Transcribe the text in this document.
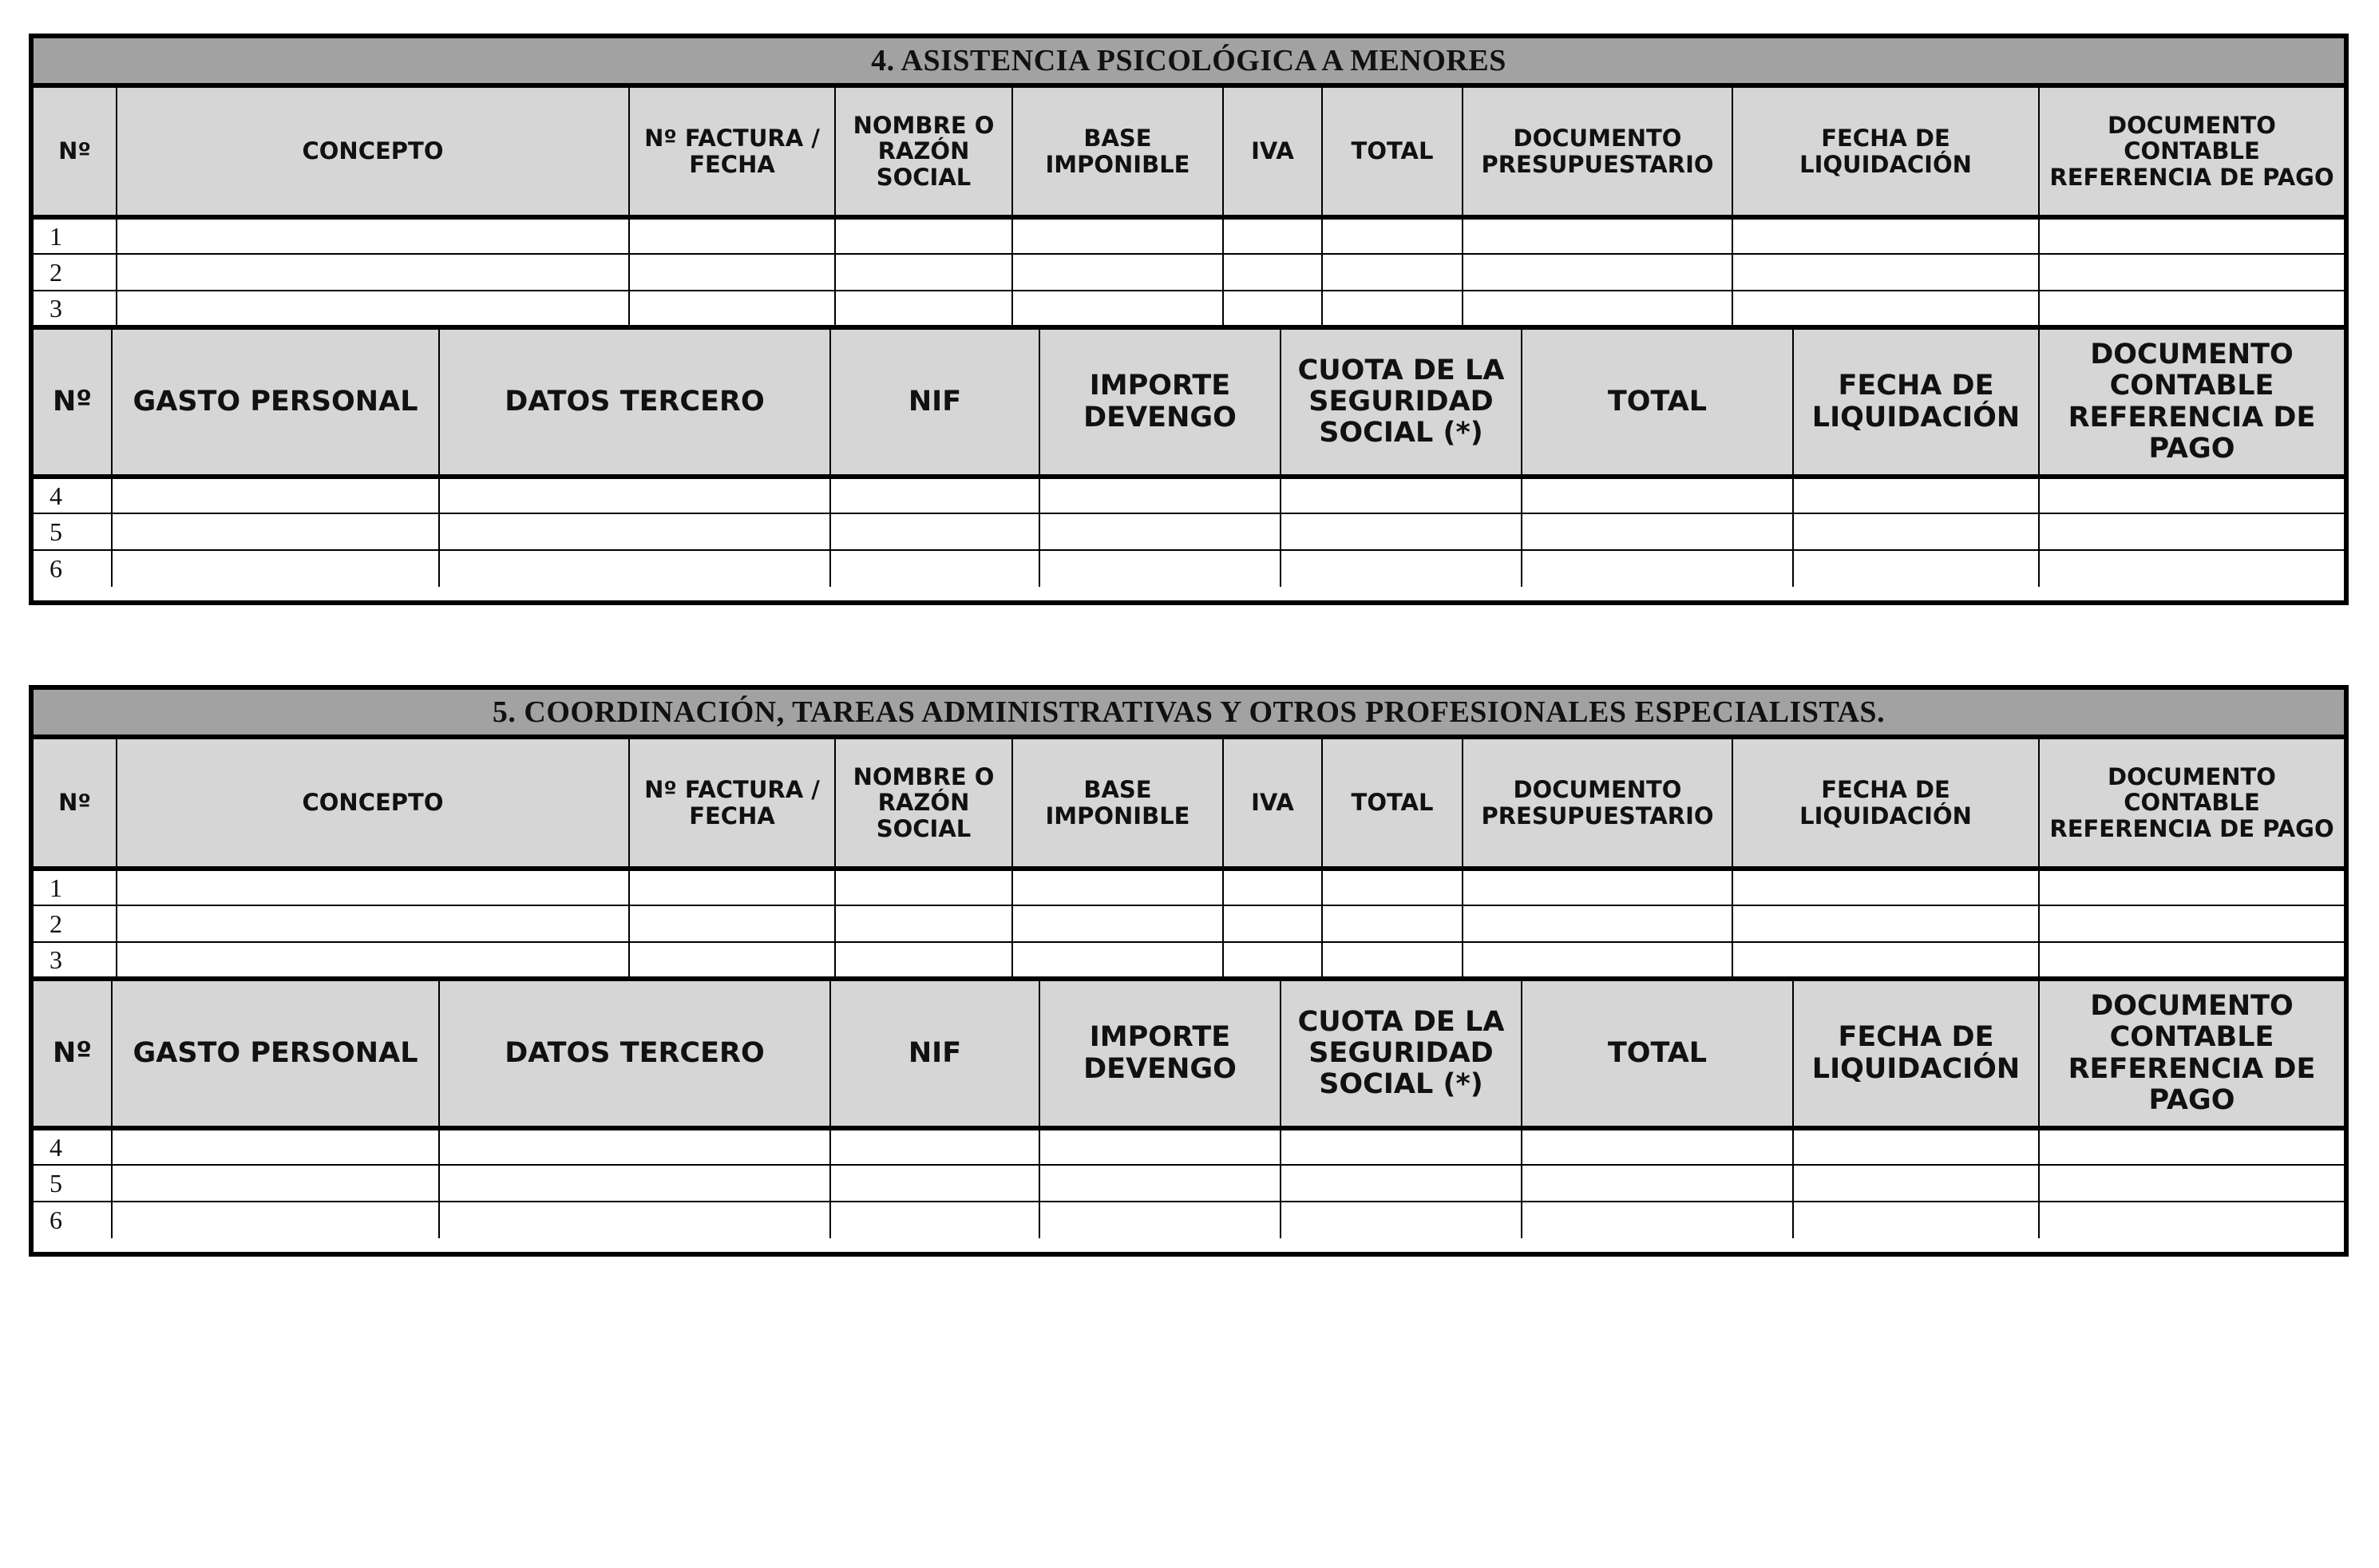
4. ASISTENCIA PSICOLÓGICA A MENORES
Nº	CONCEPTO	Nº FACTURA / FECHA	NOMBRE O RAZÓN SOCIAL	BASE IMPONIBLE	IVA	TOTAL	DOCUMENTO PRESUPUESTARIO	FECHA DE LIQUIDACIÓN	DOCUMENTO CONTABLE REFERENCIA DE PAGO
1									
2									
3									
Nº	GASTO PERSONAL	DATOS TERCERO	NIF	IMPORTE DEVENGO	CUOTA DE LA SEGURIDAD SOCIAL (*)	TOTAL	FECHA DE LIQUIDACIÓN	DOCUMENTO CONTABLE REFERENCIA DE PAGO
4								
5								
6								
5. COORDINACIÓN, TAREAS ADMINISTRATIVAS Y OTROS PROFESIONALES ESPECIALISTAS.
Nº	CONCEPTO	Nº FACTURA / FECHA	NOMBRE O RAZÓN SOCIAL	BASE IMPONIBLE	IVA	TOTAL	DOCUMENTO PRESUPUESTARIO	FECHA DE LIQUIDACIÓN	DOCUMENTO CONTABLE REFERENCIA DE PAGO
1									
2									
3									
Nº	GASTO PERSONAL	DATOS TERCERO	NIF	IMPORTE DEVENGO	CUOTA DE LA SEGURIDAD SOCIAL (*)	TOTAL	FECHA DE LIQUIDACIÓN	DOCUMENTO CONTABLE REFERENCIA DE PAGO
4								
5								
6								
